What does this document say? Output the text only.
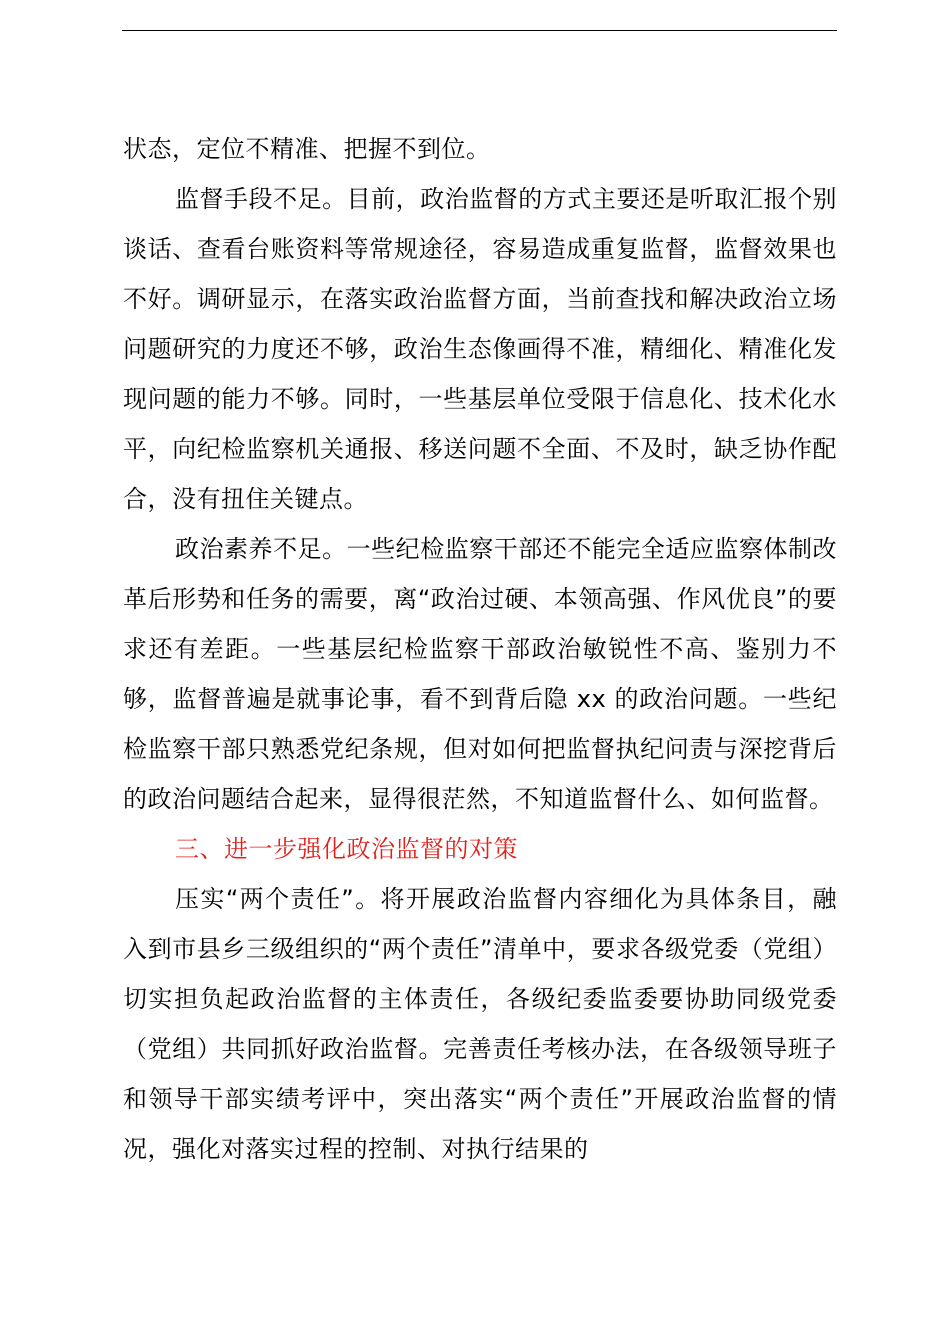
状态，定位不精准、把握不到位。

监督手段不足。目前，政治监督的方式主要还是听取汇报个别谈话、查看台账资料等常规途径，容易造成重复监督，监督效果也不好。调研显示，在落实政治监督方面，当前查找和解决政治立场问题研究的力度还不够，政治生态像画得不准，精细化、精准化发现问题的能力不够。同时，一些基层单位受限于信息化、技术化水平，向纪检监察机关通报、移送问题不全面、不及时，缺乏协作配合，没有扭住关键点。

政治素养不足。一些纪检监察干部还不能完全适应监察体制改革后形势和任务的需要，离“政治过硬、本领高强、作风优良”的要求还有差距。一些基层纪检监察干部政治敏锐性不高、鉴别力不够，监督普遍是就事论事，看不到背后隐 xx 的政治问题。一些纪检监察干部只熟悉党纪条规，但对如何把监督执纪问责与深挖背后的政治问题结合起来，显得很茫然，不知道监督什么、如何监督。

三、进一步强化政治监督的对策

压实“两个责任”。将开展政治监督内容细化为具体条目，融入到市县乡三级组织的“两个责任”清单中，要求各级党委（党组）切实担负起政治监督的主体责任，各级纪委监委要协助同级党委（党组）共同抓好政治监督。完善责任考核办法，在各级领导班子和领导干部实绩考评中，突出落实“两个责任”开展政治监督的情况，强化对落实过程的控制、对执行结果的
